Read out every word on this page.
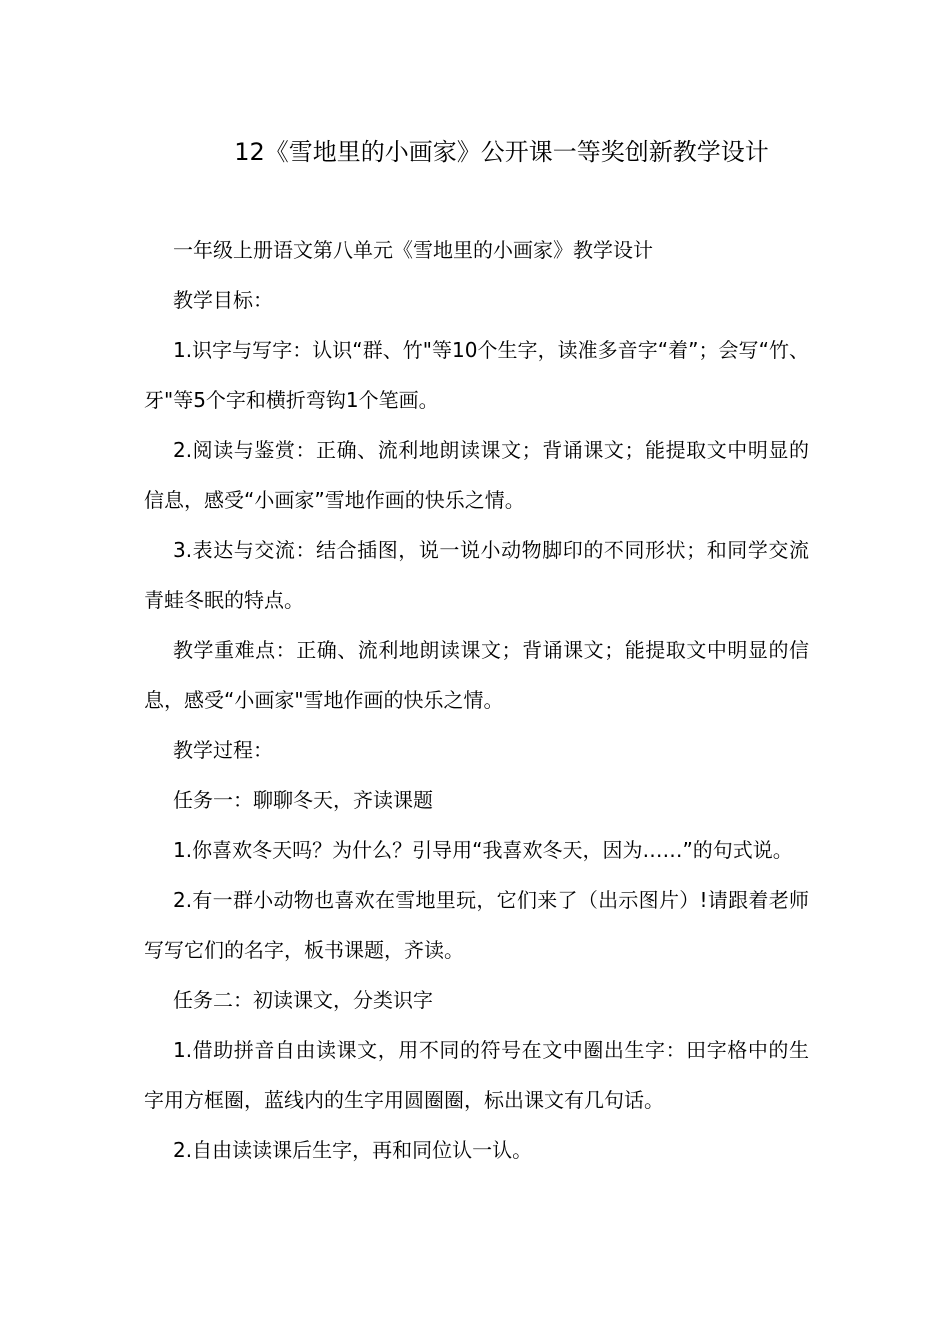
12《雪地里的小画家》公开课一等奖创新教学设计

一年级上册语文第八单元《雪地里的小画家》教学设计

教学目标：

1.识字与写字：认识“群、竹"等10个生字，读准多音字“着”；会写“竹、牙"等5个字和横折弯钩1个笔画。

2.阅读与鉴赏：正确、流利地朗读课文；背诵课文；能提取文中明显的信息，感受“小画家”雪地作画的快乐之情。

3.表达与交流：结合插图，说一说小动物脚印的不同形状；和同学交流青蛙冬眠的特点。

教学重难点：正确、流利地朗读课文；背诵课文；能提取文中明显的信息，感受“小画家"雪地作画的快乐之情。

教学过程：

任务一：聊聊冬天，齐读课题

1.你喜欢冬天吗？为什么？引导用“我喜欢冬天，因为……”的句式说。

2.有一群小动物也喜欢在雪地里玩，它们来了（出示图片）!请跟着老师写写它们的名字，板书课题，齐读。

任务二：初读课文，分类识字

1.借助拼音自由读课文，用不同的符号在文中圈出生字：田字格中的生字用方框圈，蓝线内的生字用圆圈圈，标出课文有几句话。

2.自由读读课后生字，再和同位认一认。
